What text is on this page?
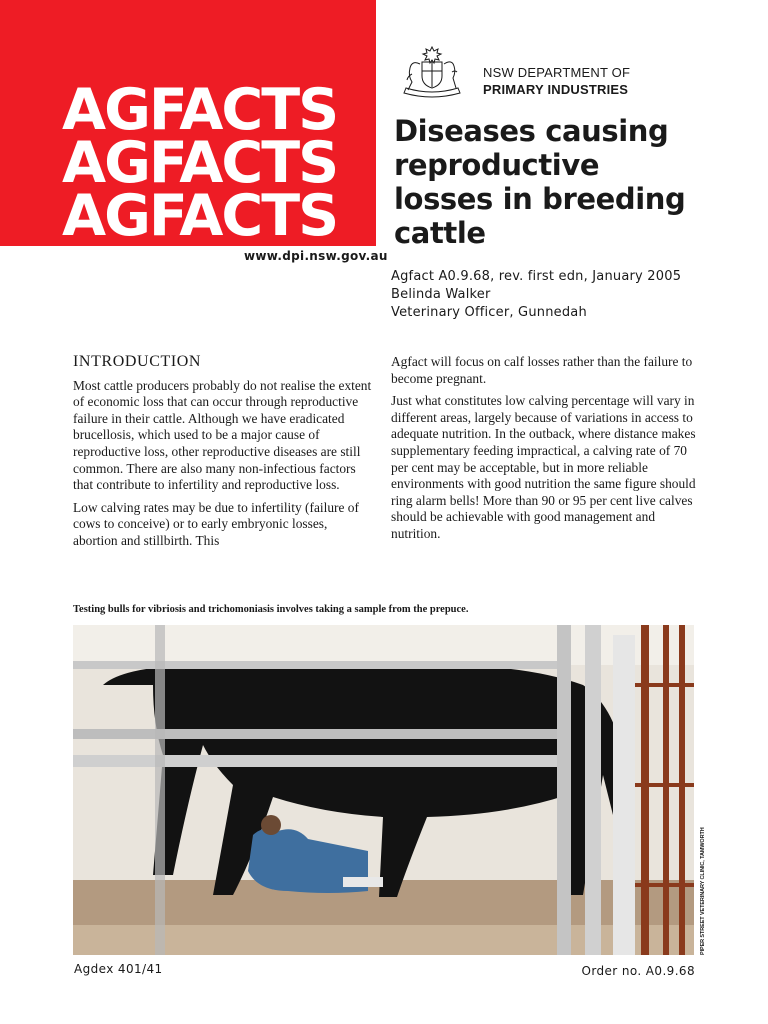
AGFACTS
AGFACTS
AGFACTS
www.dpi.nsw.gov.au
NSW DEPARTMENT OF
PRIMARY INDUSTRIES
Diseases causing
reproductive
losses in breeding
cattle
Agfact A0.9.68, rev. first edn, January 2005
Belinda Walker
Veterinary Officer, Gunnedah
INTRODUCTION

Most cattle producers probably do not realise the extent of economic loss that can occur through reproductive failure in their cattle. Although we have eradicated brucellosis, which used to be a major cause of reproductive loss, other reproductive diseases are still common. There are also many non-infectious factors that contribute to infertility and reproductive loss.

Low calving rates may be due to infertility (failure of cows to conceive) or to early embryonic losses, abortion and stillbirth. This

Agfact will focus on calf losses rather than the failure to become pregnant.

Just what constitutes low calving percentage will vary in different areas, largely because of variations in access to adequate nutrition. In the outback, where distance makes supplementary feeding impractical, a calving rate of 70 per cent may be acceptable, but in more reliable environments with good nutrition the same figure should ring alarm bells! More than 90 or 95 per cent live calves should be achievable with good management and nutrition.

Testing bulls for vibriosis and trichomoniasis involves taking a sample from the prepuce.
PIPER STREET VETERINARY CLINIC, TAMWORTH
Agdex 401/41	Order no. A0.9.68
